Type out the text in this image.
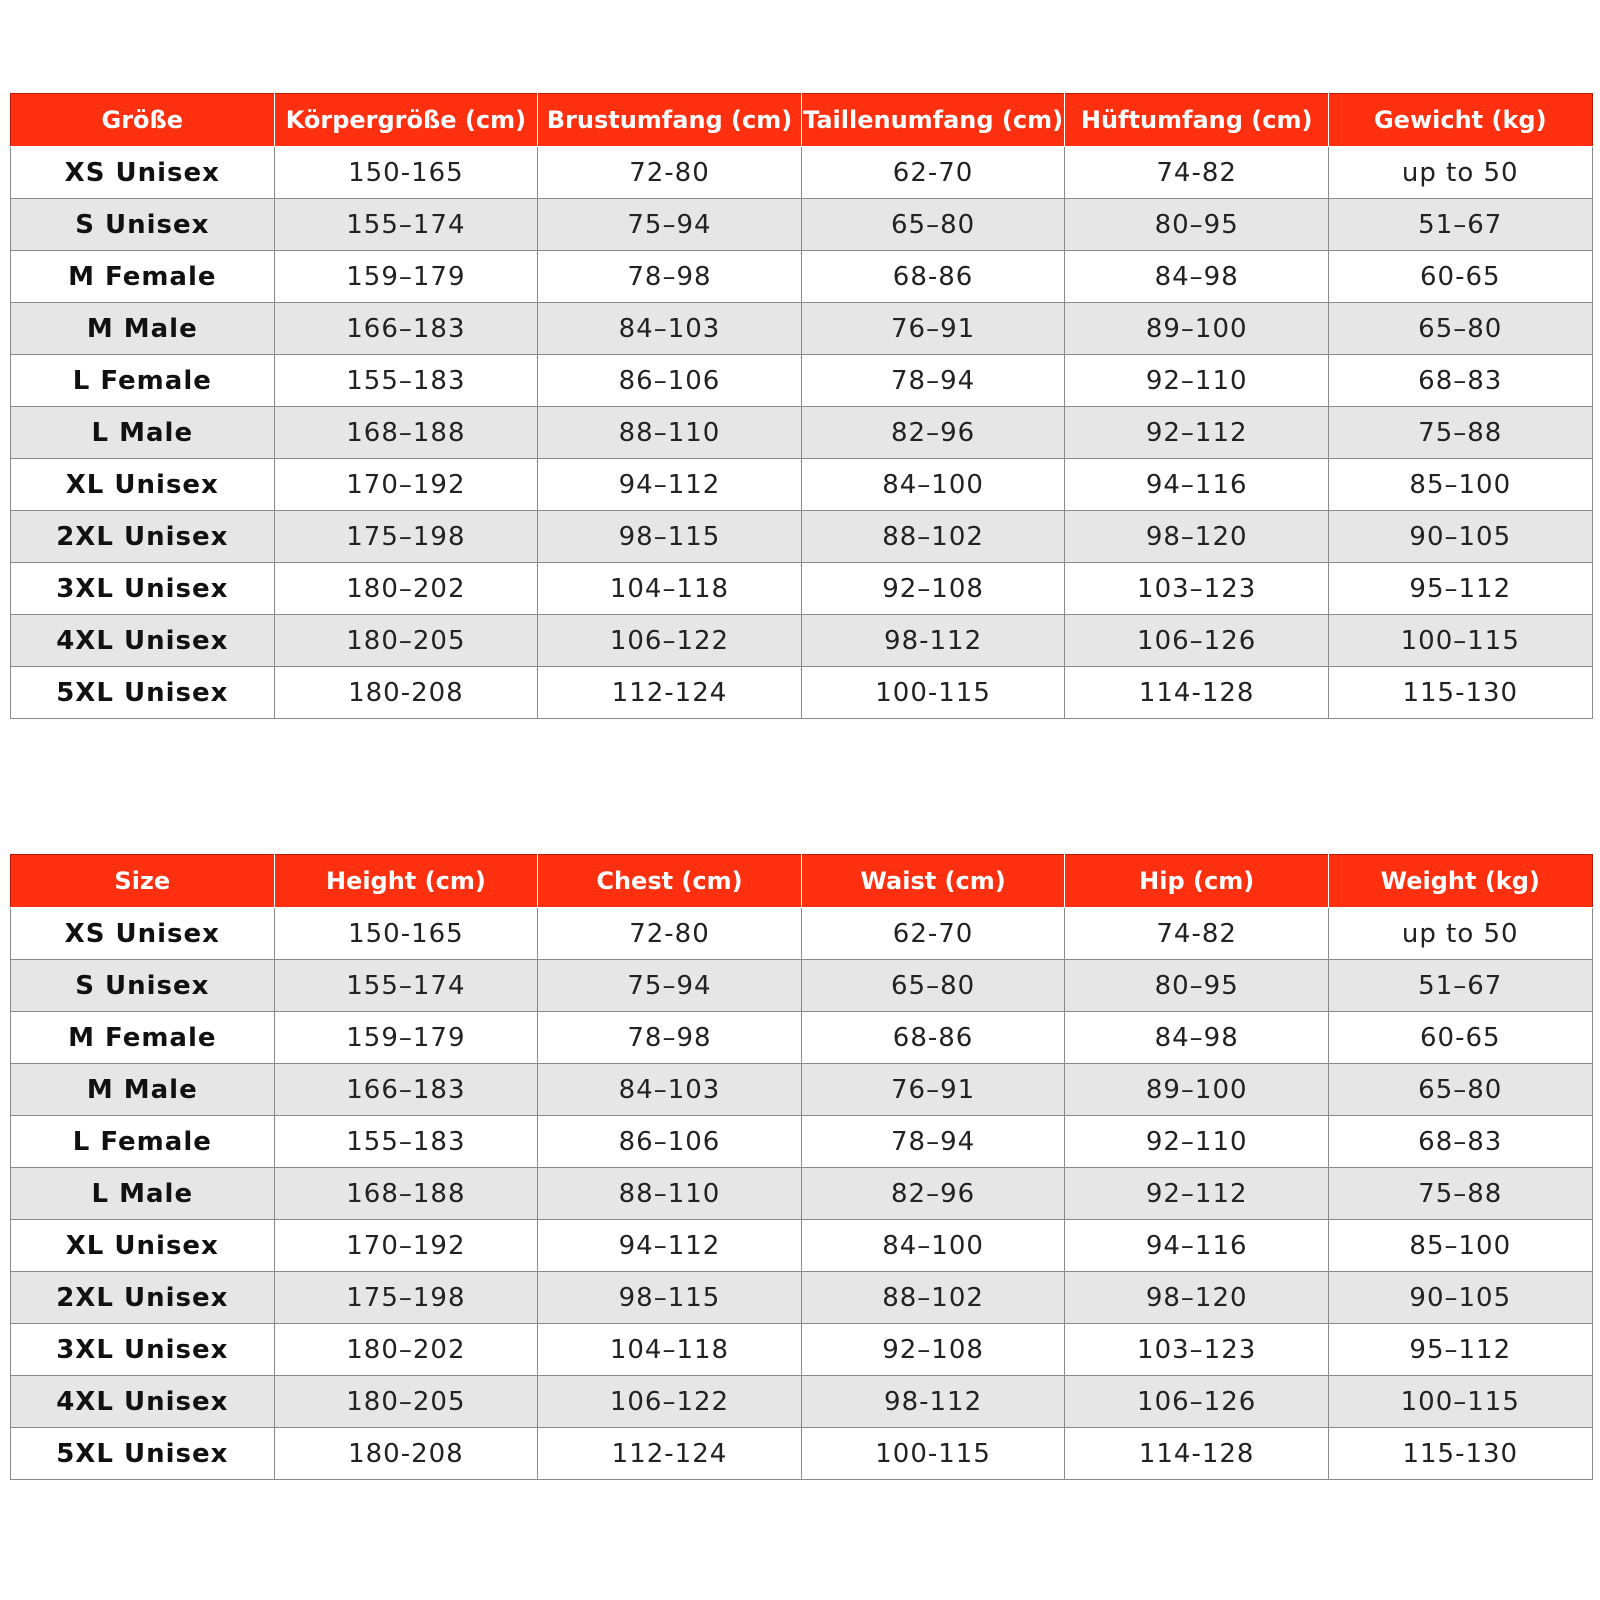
Größe	Körpergröße (cm)	Brustumfang (cm)	Taillenumfang (cm)	Hüftumfang (cm)	Gewicht (kg)
XS Unisex	150-165	72-80	62-70	74-82	up to 50
S Unisex	155–174	75–94	65–80	80–95	51–67
M Female	159–179	78–98	68-86	84–98	60-65
M Male	166–183	84–103	76–91	89–100	65–80
L Female	155–183	86–106	78–94	92–110	68–83
L Male	168–188	88–110	82–96	92–112	75–88
XL Unisex	170–192	94–112	84–100	94–116	85–100
2XL Unisex	175–198	98–115	88–102	98–120	90–105
3XL Unisex	180–202	104–118	92–108	103–123	95–112
4XL Unisex	180–205	106–122	98-112	106–126	100–115
5XL Unisex	180-208	112-124	100-115	114-128	115-130
Size	Height (cm)	Chest (cm)	Waist (cm)	Hip (cm)	Weight (kg)
XS Unisex	150-165	72-80	62-70	74-82	up to 50
S Unisex	155–174	75–94	65–80	80–95	51–67
M Female	159–179	78–98	68-86	84–98	60-65
M Male	166–183	84–103	76–91	89–100	65–80
L Female	155–183	86–106	78–94	92–110	68–83
L Male	168–188	88–110	82–96	92–112	75–88
XL Unisex	170–192	94–112	84–100	94–116	85–100
2XL Unisex	175–198	98–115	88–102	98–120	90–105
3XL Unisex	180–202	104–118	92–108	103–123	95–112
4XL Unisex	180–205	106–122	98-112	106–126	100–115
5XL Unisex	180-208	112-124	100-115	114-128	115-130
